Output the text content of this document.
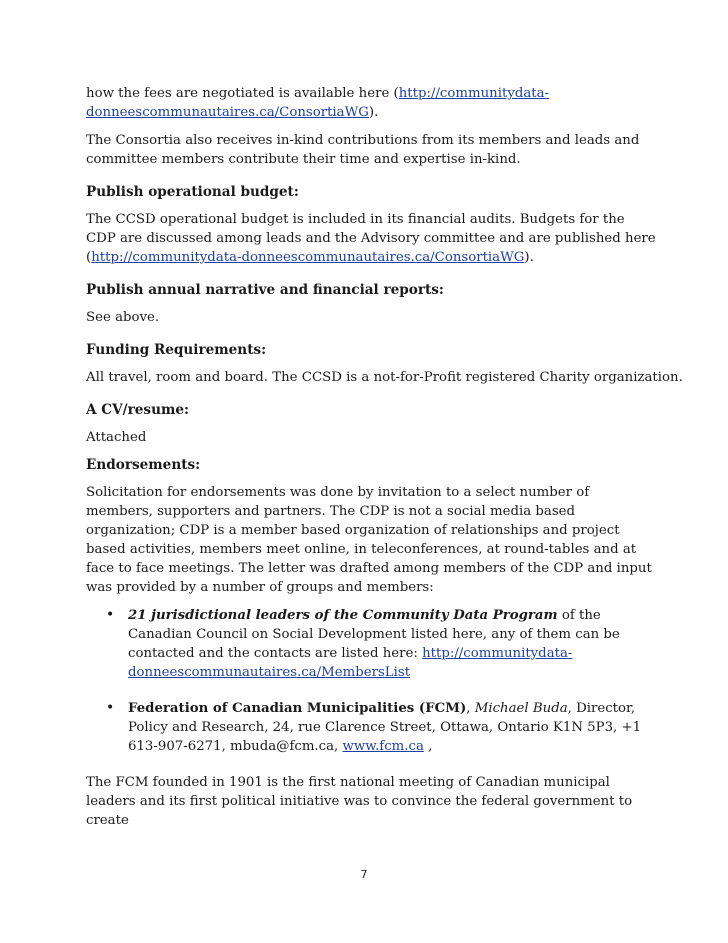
how the fees are negotiated is available here (http://communitydata-donneescommunautaires.ca/ConsortiaWG).

The Consortia also receives in-kind contributions from its members and leads and committee members contribute their time and expertise in-kind.

Publish operational budget:

The CCSD operational budget is included in its financial audits. Budgets for the CDP are discussed among leads and the Advisory committee and are published here (http://communitydata-donneescommunautaires.ca/ConsortiaWG).

Publish annual narrative and financial reports:

See above.

Funding Requirements:

All travel, room and board. The CCSD is a not-for-Profit registered Charity organization.

A CV/resume:

Attached

Endorsements:

Solicitation for endorsements was done by invitation to a select number of members, supporters and partners. The CDP is not a social media based organization; CDP is a member based organization of relationships and project based activities, members meet online, in teleconferences, at round-tables and at face to face meetings. The letter was drafted among members of the CDP and input was provided by a number of groups and members:

• 21 jurisdictional leaders of the Community Data Program of the Canadian Council on Social Development listed here, any of them can be contacted and the contacts are listed here: http://communitydata-donneescommunautaires.ca/MembersList
• Federation of Canadian Municipalities (FCM), Michael Buda, Director, Policy and Research, 24, rue Clarence Street, Ottawa, Ontario K1N 5P3, +1 613-907-6271, mbuda@fcm.ca, www.fcm.ca ,

The FCM founded in 1901 is the first national meeting of Canadian municipal leaders and its first political initiative was to convince the federal government to create

7
